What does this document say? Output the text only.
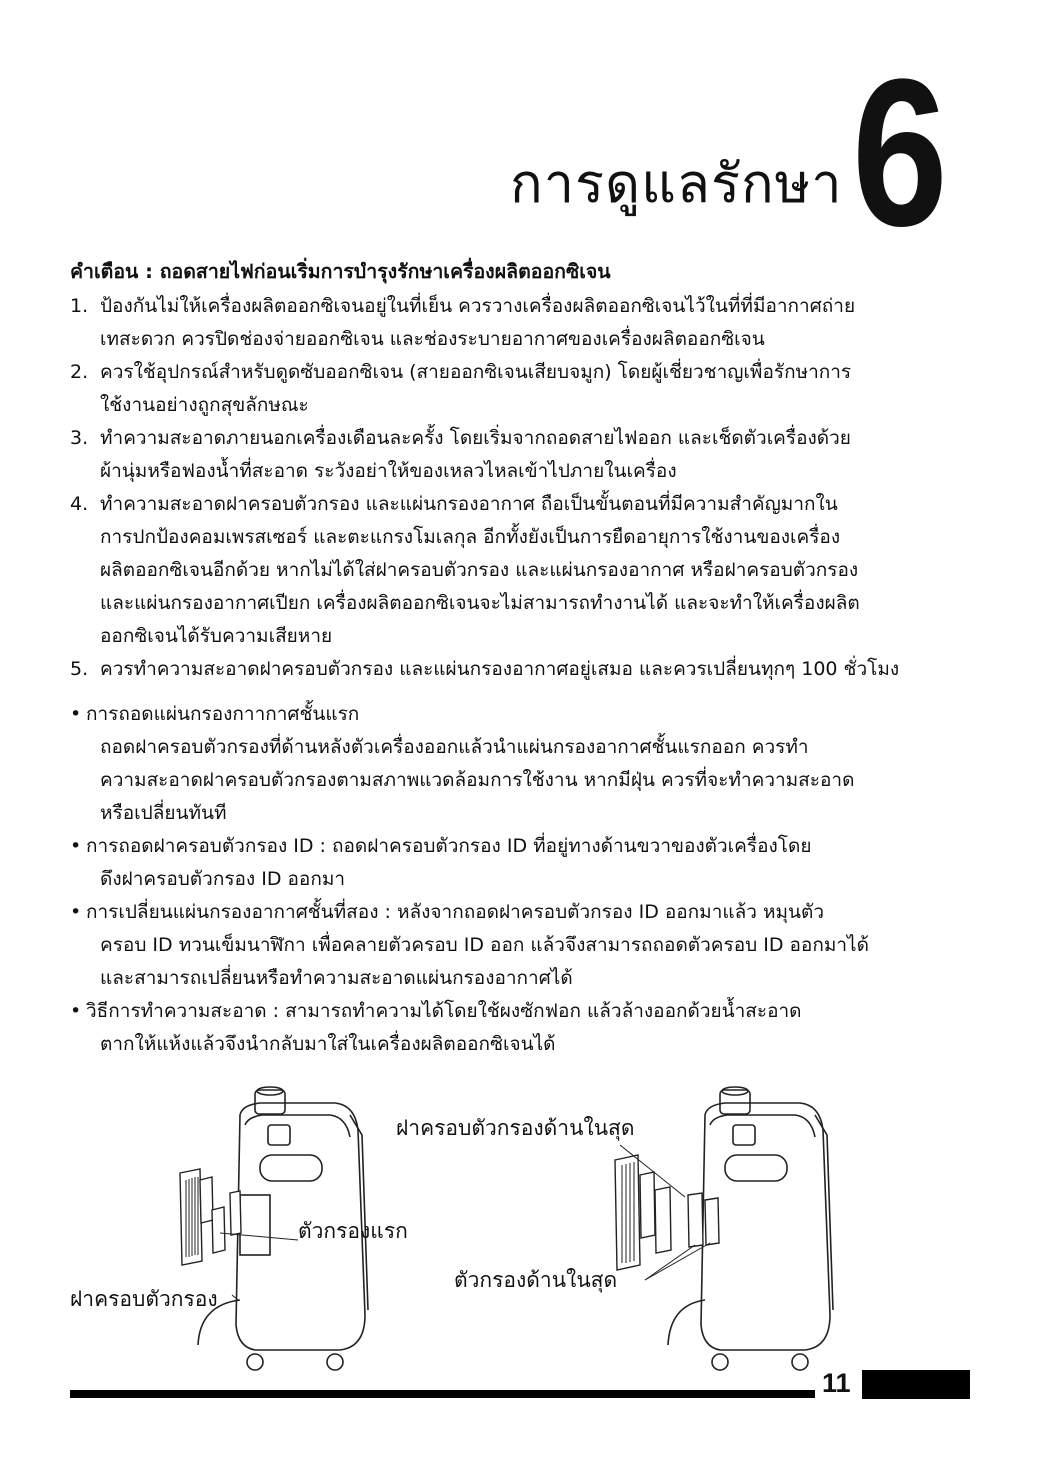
การดูแลรักษา 6
คำเตือน : ถอดสายไฟก่อนเริ่มการบำรุงรักษาเครื่องผลิตออกซิเจน
1. ป้องกันไม่ให้เครื่องผลิตออกซิเจนอยู่ในที่เย็น ควรวางเครื่องผลิตออกซิเจนไว้ในที่ที่มีอากาศถ่าย
เทสะดวก ควรปิดช่องจ่ายออกซิเจน และช่องระบายอากาศของเครื่องผลิตออกซิเจน
2. ควรใช้อุปกรณ์สำหรับดูดซับออกซิเจน (สายออกซิเจนเสียบจมูก) โดยผู้เชี่ยวชาญเพื่อรักษาการ
ใช้งานอย่างถูกสุขลักษณะ
3. ทำความสะอาดภายนอกเครื่องเดือนละครั้ง โดยเริ่มจากถอดสายไฟออก และเช็ดตัวเครื่องด้วย
ผ้านุ่มหรือฟองน้ำที่สะอาด ระวังอย่าให้ของเหลวไหลเข้าไปภายในเครื่อง
4. ทำความสะอาดฝาครอบตัวกรอง และแผ่นกรองอากาศ ถือเป็นขั้นตอนที่มีความสำคัญมากใน
การปกป้องคอมเพรสเซอร์ และตะแกรงโมเลกุล อีกทั้งยังเป็นการยืดอายุการใช้งานของเครื่อง
ผลิตออกซิเจนอีกด้วย หากไม่ได้ใส่ฝาครอบตัวกรอง และแผ่นกรองอากาศ หรือฝาครอบตัวกรอง
และแผ่นกรองอากาศเปียก เครื่องผลิตออกซิเจนจะไม่สามารถทำงานได้ และจะทำให้เครื่องผลิต
ออกซิเจนได้รับความเสียหาย
5. ควรทำความสะอาดฝาครอบตัวกรอง และแผ่นกรองอากาศอยู่เสมอ และควรเปลี่ยนทุกๆ 100 ชั่วโมง
• การถอดแผ่นกรองกาากาศชั้นแรก
ถอดฝาครอบตัวกรองที่ด้านหลังตัวเครื่องออกแล้วนำแผ่นกรองอากาศชั้นแรกออก ควรทำ
ความสะอาดฝาครอบตัวกรองตามสภาพแวดล้อมการใช้งาน หากมีฝุ่น ควรที่จะทำความสะอาด
หรือเปลี่ยนทันที
• การถอดฝาครอบตัวกรอง ID : ถอดฝาครอบตัวกรอง ID ที่อยู่ทางด้านขวาของตัวเครื่องโดย
ดึงฝาครอบตัวกรอง ID ออกมา
• การเปลี่ยนแผ่นกรองอากาศชั้นที่สอง : หลังจากถอดฝาครอบตัวกรอง ID ออกมาแล้ว หมุนตัว
ครอบ ID ทวนเข็มนาฬิกา เพื่อคลายตัวครอบ ID ออก แล้วจึงสามารถถอดตัวครอบ ID ออกมาได้
และสามารถเปลี่ยนหรือทำความสะอาดแผ่นกรองอากาศได้
• วิธีการทำความสะอาด : สามารถทำความได้โดยใช้ผงซักฟอก แล้วล้างออกด้วยน้ำสะอาด
ตากให้แห้งแล้วจึงนำกลับมาใส่ในเครื่องผลิตออกซิเจนได้
ตัวกรองแรก
ฝาครอบตัวกรอง
ฝาครอบตัวกรองด้านในสุด
ตัวกรองด้านในสุด
11
